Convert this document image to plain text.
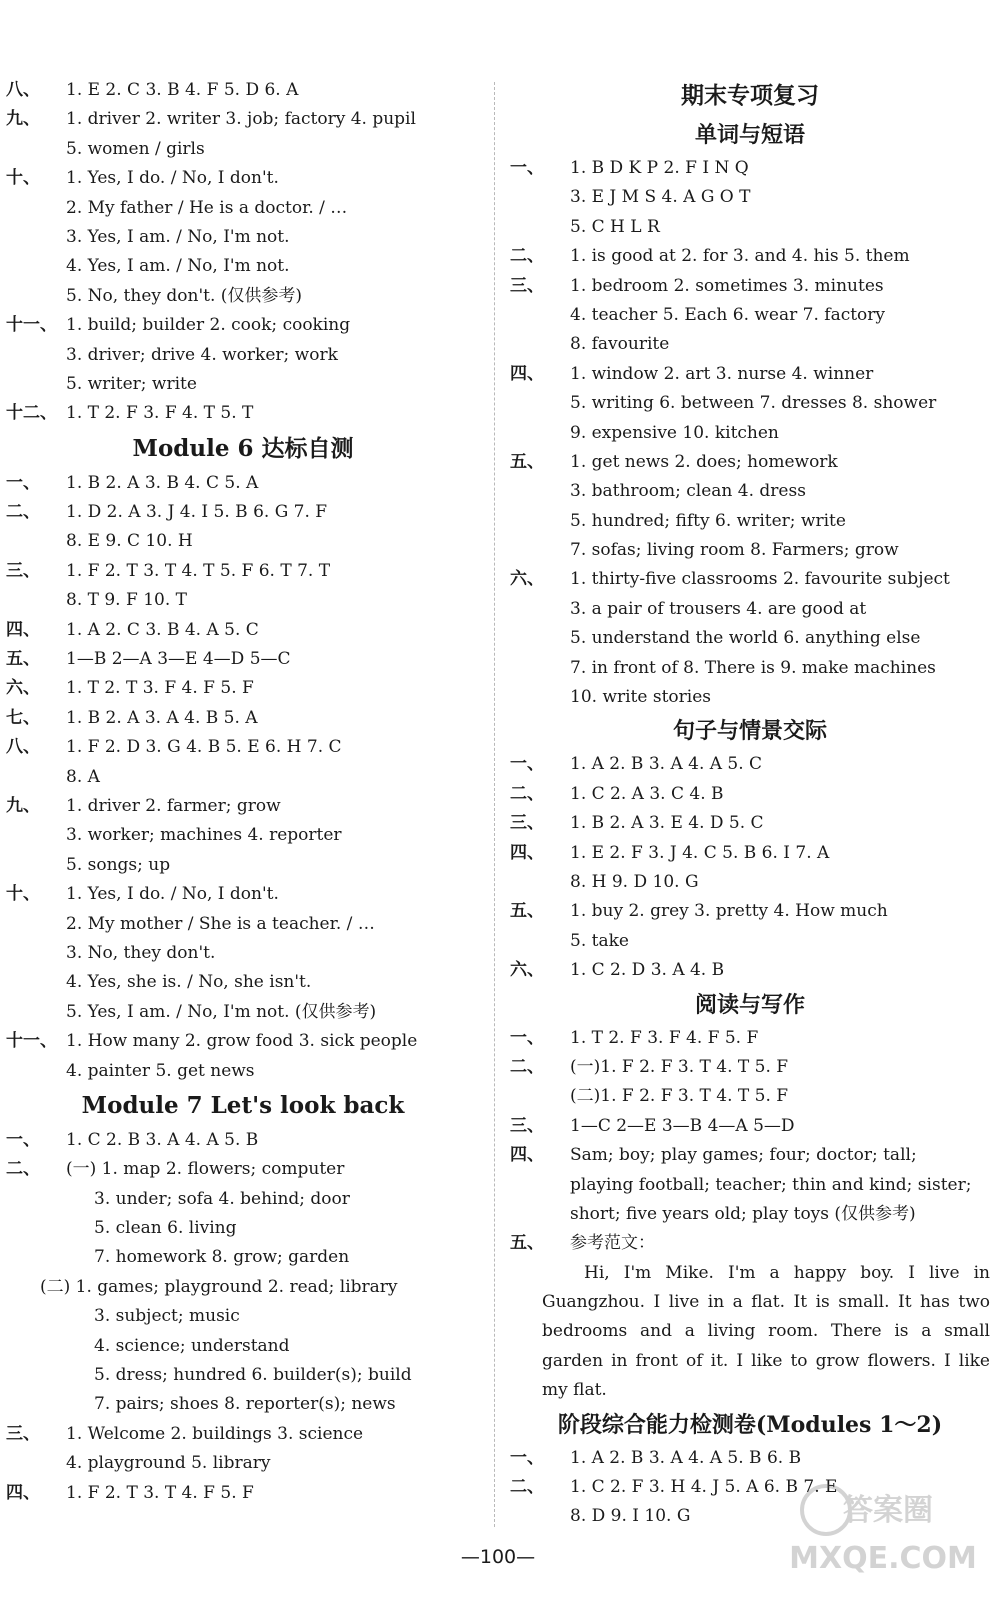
八、 1. E 2. C 3. B 4. F 5. D 6. A
九、 1. driver 2. writer 3. job; factory 4. pupil
5. women / girls
十、 1. Yes, I do. / No, I don't.
2. My father / He is a doctor. / …
3. Yes, I am. / No, I'm not.
4. Yes, I am. / No, I'm not.
5. No, they don't. (仅供参考)
十一、 1. build; builder 2. cook; cooking
3. driver; drive 4. worker; work
5. writer; write
十二、 1. T 2. F 3. F 4. T 5. T
Module 6 达标自测
一、 1. B 2. A 3. B 4. C 5. A
二、 1. D 2. A 3. J 4. I 5. B 6. G 7. F
8. E 9. C 10. H
三、 1. F 2. T 3. T 4. T 5. F 6. T 7. T
8. T 9. F 10. T
四、 1. A 2. C 3. B 4. A 5. C
五、 1—B 2—A 3—E 4—D 5—C
六、 1. T 2. T 3. F 4. F 5. F
七、 1. B 2. A 3. A 4. B 5. A
八、 1. F 2. D 3. G 4. B 5. E 6. H 7. C
8. A
九、 1. driver 2. farmer; grow
3. worker; machines 4. reporter
5. songs; up
十、 1. Yes, I do. / No, I don't.
2. My mother / She is a teacher. / …
3. No, they don't.
4. Yes, she is. / No, she isn't.
5. Yes, I am. / No, I'm not. (仅供参考)
十一、 1. How many 2. grow food 3. sick people
4. painter 5. get news
Module 7 Let's look back
一、 1. C 2. B 3. A 4. A 5. B
二、 (一) 1. map 2. flowers; computer
3. under; sofa 4. behind; door
5. clean 6. living
7. homework 8. grow; garden
(二) 1. games; playground 2. read; library
3. subject; music
4. science; understand
5. dress; hundred 6. builder(s); build
7. pairs; shoes 8. reporter(s); news
三、 1. Welcome 2. buildings 3. science
4. playground 5. library
四、 1. F 2. T 3. T 4. F 5. F
期末专项复习
单词与短语
一、 1. B D K P 2. F I N Q
3. E J M S 4. A G O T
5. C H L R
二、 1. is good at 2. for 3. and 4. his 5. them
三、 1. bedroom 2. sometimes 3. minutes
4. teacher 5. Each 6. wear 7. factory
8. favourite
四、 1. window 2. art 3. nurse 4. winner
5. writing 6. between 7. dresses 8. shower
9. expensive 10. kitchen
五、 1. get news 2. does; homework
3. bathroom; clean 4. dress
5. hundred; fifty 6. writer; write
7. sofas; living room 8. Farmers; grow
六、 1. thirty-five classrooms 2. favourite subject
3. a pair of trousers 4. are good at
5. understand the world 6. anything else
7. in front of 8. There is 9. make machines
10. write stories
句子与情景交际
一、 1. A 2. B 3. A 4. A 5. C
二、 1. C 2. A 3. C 4. B
三、 1. B 2. A 3. E 4. D 5. C
四、 1. E 2. F 3. J 4. C 5. B 6. I 7. A
8. H 9. D 10. G
五、 1. buy 2. grey 3. pretty 4. How much
5. take
六、 1. C 2. D 3. A 4. B
阅读与写作
一、 1. T 2. F 3. F 4. F 5. F
二、 (一)1. F 2. F 3. T 4. T 5. F
(二)1. F 2. F 3. T 4. T 5. F
三、 1—C 2—E 3—B 4—A 5—D
四、 Sam; boy; play games; four; doctor; tall;
playing football; teacher; thin and kind; sister;
short; five years old; play toys (仅供参考)
五、 参考范文：
Hi, I'm Mike. I'm a happy boy. I live in Guangzhou. I live in a flat. It is small. It has two bedrooms and a living room. There is a small garden in front of it. I like to grow flowers. I like my flat.
阶段综合能力检测卷(Modules 1～2)
一、 1. A 2. B 3. A 4. A 5. B 6. B
二、 1. C 2. F 3. H 4. J 5. A 6. B 7. E
8. D 9. I 10. G
—100—
答案圈
MXQE.COM
